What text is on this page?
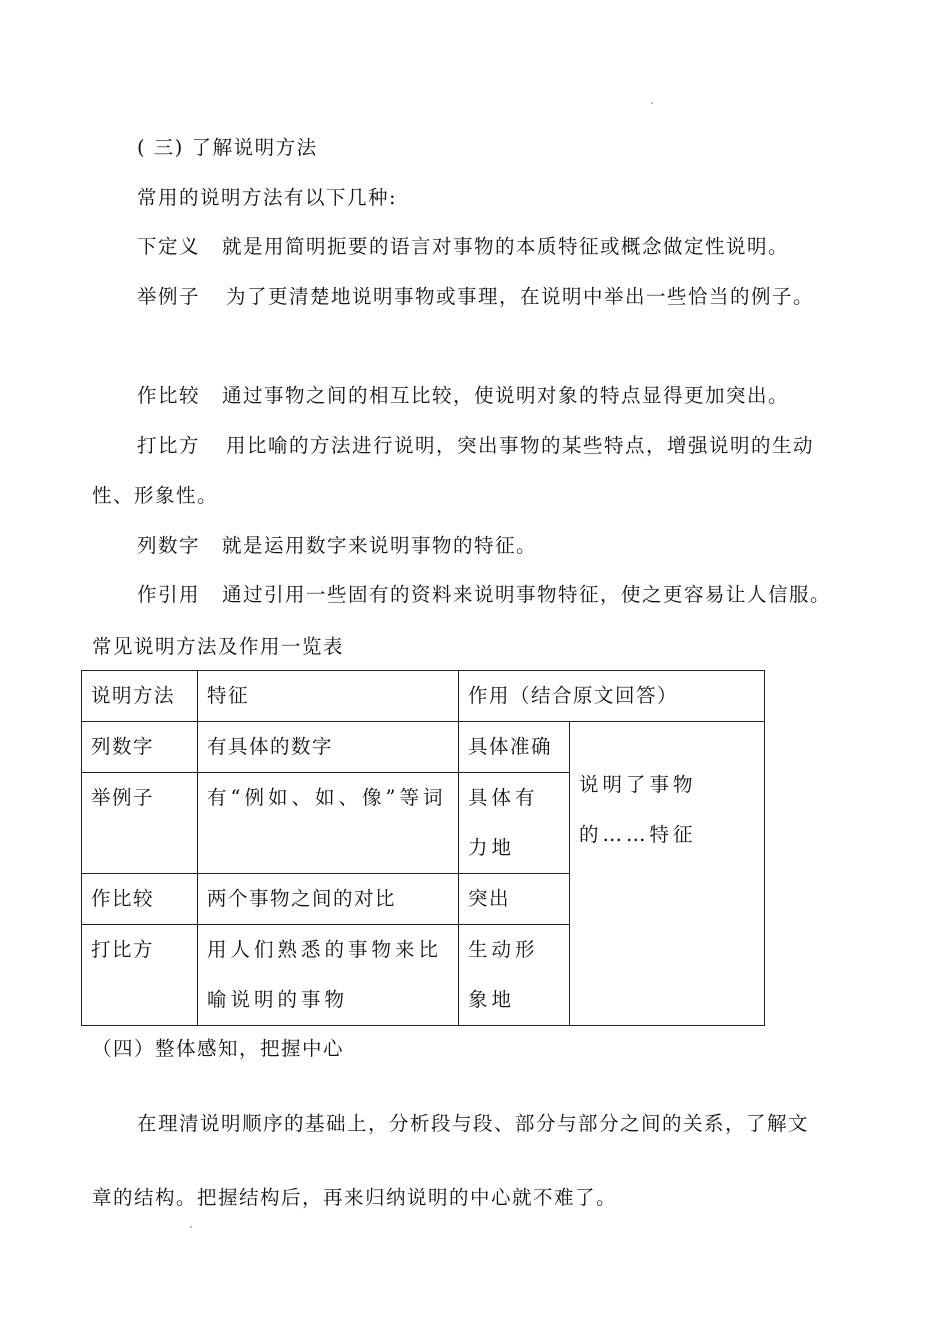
( 三) 了解说明方法
常用的说明方法有以下几种:
下定义 就是用简明扼要的语言对事物的本质特征或概念做定性说明。
举例子 为了更清楚地说明事物或事理，在说明中举出一些恰当的例子。
作比较 通过事物之间的相互比较，使说明对象的特点显得更加突出。
打比方 用比喻的方法进行说明，突出事物的某些特点，增强说明的生动
性、形象性。
列数字 就是运用数字来说明事物的特征。
作引用 通过引用一些固有的资料来说明事物特征，使之更容易让人信服。
常见说明方法及作用一览表
说明方法	特征	作用（结合原文回答）	
列数字	有具体的数字	具体准确	说明了事物的……特征

举例子	有“例如、如、像”等词	具体有力地	

作比较	两个事物之间的对比	突出	
打比方	用人们熟悉的事物来比喻说明的事物	生动形象地	
（四）整体感知，把握中心
在理清说明顺序的基础上，分析段与段、部分与部分之间的关系，了解文
章的结构。把握结构后，再来归纳说明的中心就不难了。
